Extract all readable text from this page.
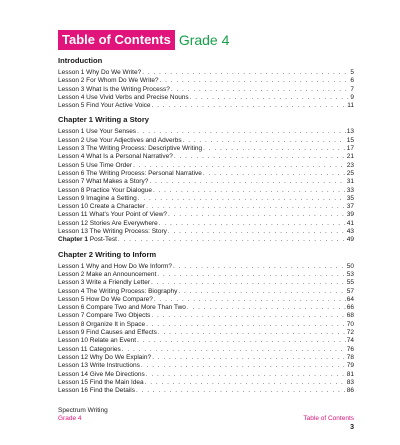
Table of Contents Grade 4
Introduction
Lesson 1 Why Do We Write? . . .	5
Lesson 2 For Whom Do We Write? . . .	6
Lesson 3 What Is the Writing Process? . . .	7
Lesson 4 Use Vivid Verbs and Precise Nouns . . .	9
Lesson 5 Find Your Active Voice . . .	11
Chapter 1 Writing a Story
Lesson 1 Use Your Senses . . .	13
Lesson 2 Use Your Adjectives and Adverbs . . .	15
Lesson 3 The Writing Process: Descriptive Writing . . .	17
Lesson 4 What Is a Personal Narrative? . . .	21
Lesson 5 Use Time Order . . .	23
Lesson 6 The Writing Process: Personal Narrative . . .	25
Lesson 7 What Makes a Story? . . .	31
Lesson 8 Practice Your Dialogue . . .	33
Lesson 9 Imagine a Setting . . .	35
Lesson 10 Create a Character . . .	37
Lesson 11 What's Your Point of View? . . .	39
Lesson 12 Stories Are Everywhere . . .	41
Lesson 13 The Writing Process: Story . . .	43
Chapter 1 Post-Test . . .	49
Chapter 2 Writing to Inform
Lesson 1 Why and How Do We Inform? . . .	50
Lesson 2 Make an Announcement . . .	53
Lesson 3 Write a Friendly Letter . . .	55
Lesson 4 The Writing Process: Biography . . .	57
Lesson 5 How Do We Compare? . . .	64
Lesson 6 Compare Two and More Than Two . . .	66
Lesson 7 Compare Two Objects . . .	68
Lesson 8 Organize It in Space . . .	70
Lesson 9 Find Causes and Effects . . .	72
Lesson 10 Relate an Event . . .	74
Lesson 11 Categories . . .	76
Lesson 12 Why Do We Explain? . . .	78
Lesson 13 Write Instructions . . .	79
Lesson 14 Give Me Directions . . .	81
Lesson 15 Find the Main Idea . . .	83
Lesson 16 Find the Details . . .	86
Spectrum Writing
Grade 4	Table of Contents
3
